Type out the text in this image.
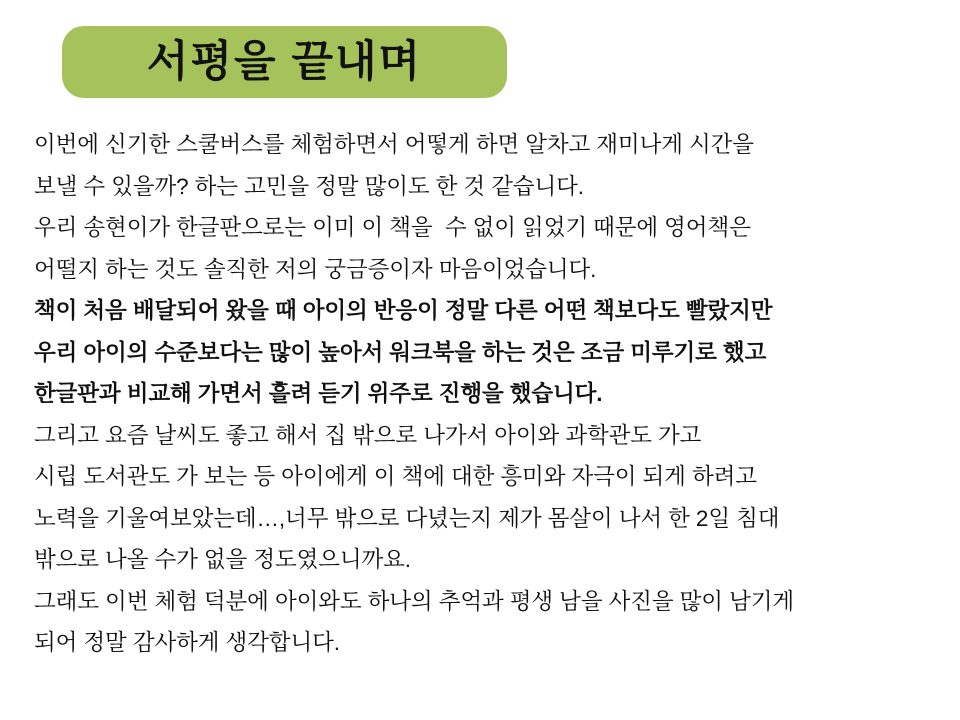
서평을 끝내며
이번에 신기한 스쿨버스를 체험하면서 어떻게 하면 알차고 재미나게 시간을
보낼 수 있을까? 하는 고민을 정말 많이도 한 것 같습니다.
우리 송현이가 한글판으로는 이미 이 책을  수 없이 읽었기 때문에 영어책은
어떨지 하는 것도 솔직한 저의 궁금증이자 마음이었습니다.
책이 처음 배달되어 왔을 때 아이의 반응이 정말 다른 어떤 책보다도 빨랐지만
우리 아이의 수준보다는 많이 높아서 워크북을 하는 것은 조금 미루기로 했고
한글판과 비교해 가면서 흘려 듣기 위주로 진행을 했습니다.
그리고 요즘 날씨도 좋고 해서 집 밖으로 나가서 아이와 과학관도 가고
시립 도서관도 가 보는 등 아이에게 이 책에 대한 흥미와 자극이 되게 하려고
노력을 기울여보았는데…,너무 밖으로 다녔는지 제가 몸살이 나서 한 2일 침대
밖으로 나올 수가 없을 정도였으니까요.
그래도 이번 체험 덕분에 아이와도 하나의 추억과 평생 남을 사진을 많이 남기게
되어 정말 감사하게 생각합니다.
